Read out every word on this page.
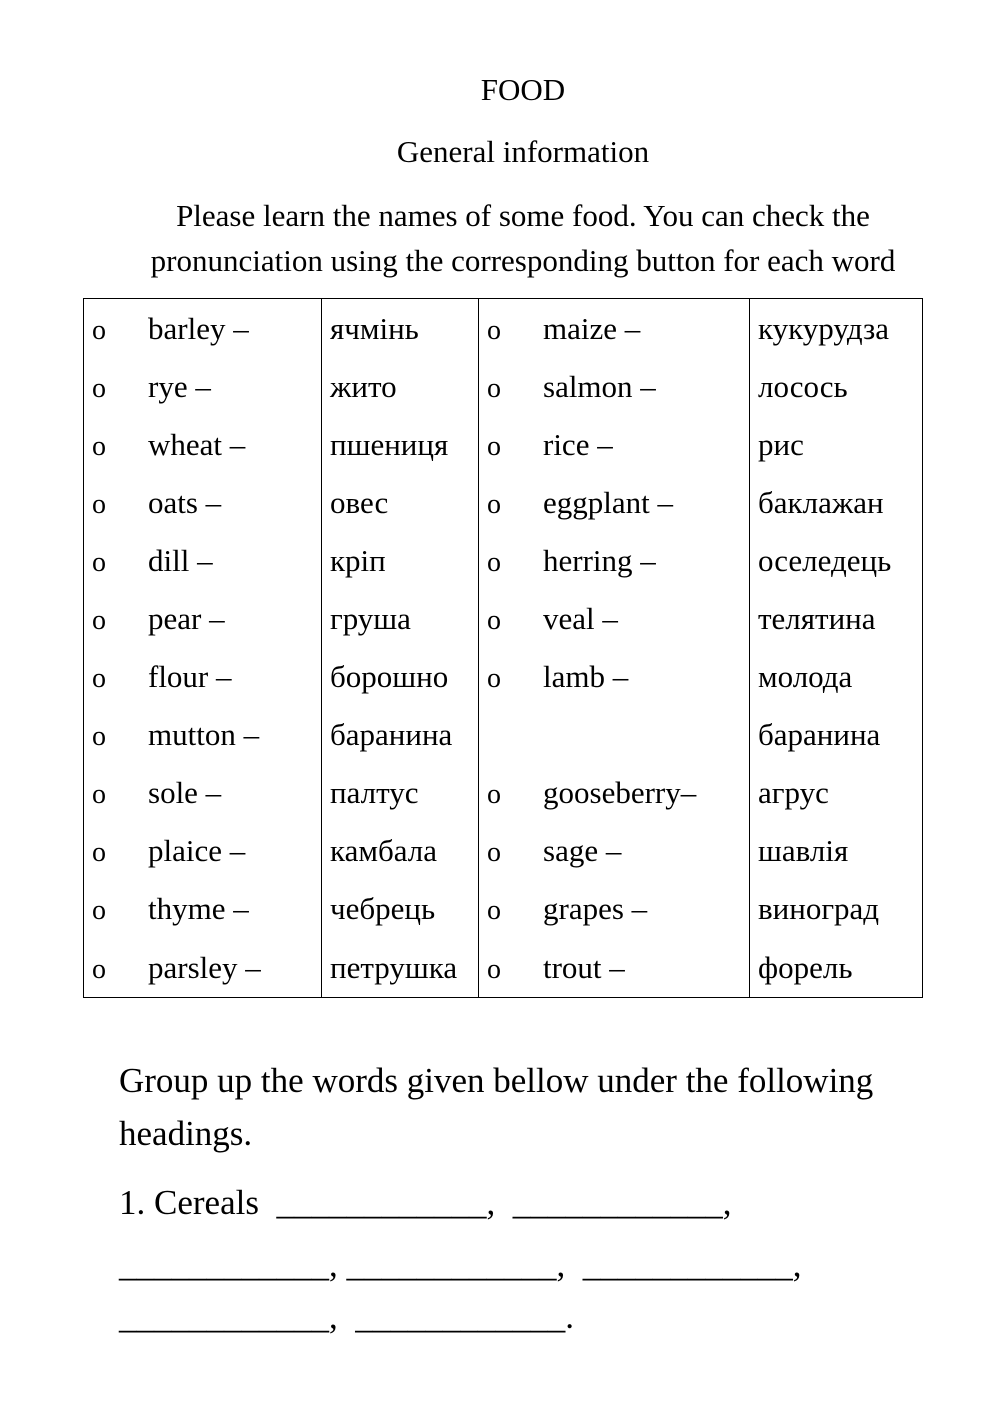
FOOD
General information
Please learn the names of some food. You can check the pronunciation using the corresponding button for each word
o barley –	ячмінь	o maize –	кукурудза
o rye –	жито	o salmon –	лосось
o wheat –	пшениця	o rice –	рис
o oats –	овес	o eggplant –	баклажан
o dill –	кріп	o herring –	оселедець
o pear –	груша	o veal –	телятина
o flour –	борошно	o lamb –	молода
o mutton –	баранина		баранина
o sole –	палтус	o gooseberry–	агрус
o plaice –	камбала	o sage –	шавлія
o thyme –	чебрець	o grapes –	виноград
o parsley –	петрушка	o trout –	форель
Group up the words given bellow under the following headings.
1. Cereals  ____________,  ____________,
____________, ____________,  ____________,
____________,  ____________.
